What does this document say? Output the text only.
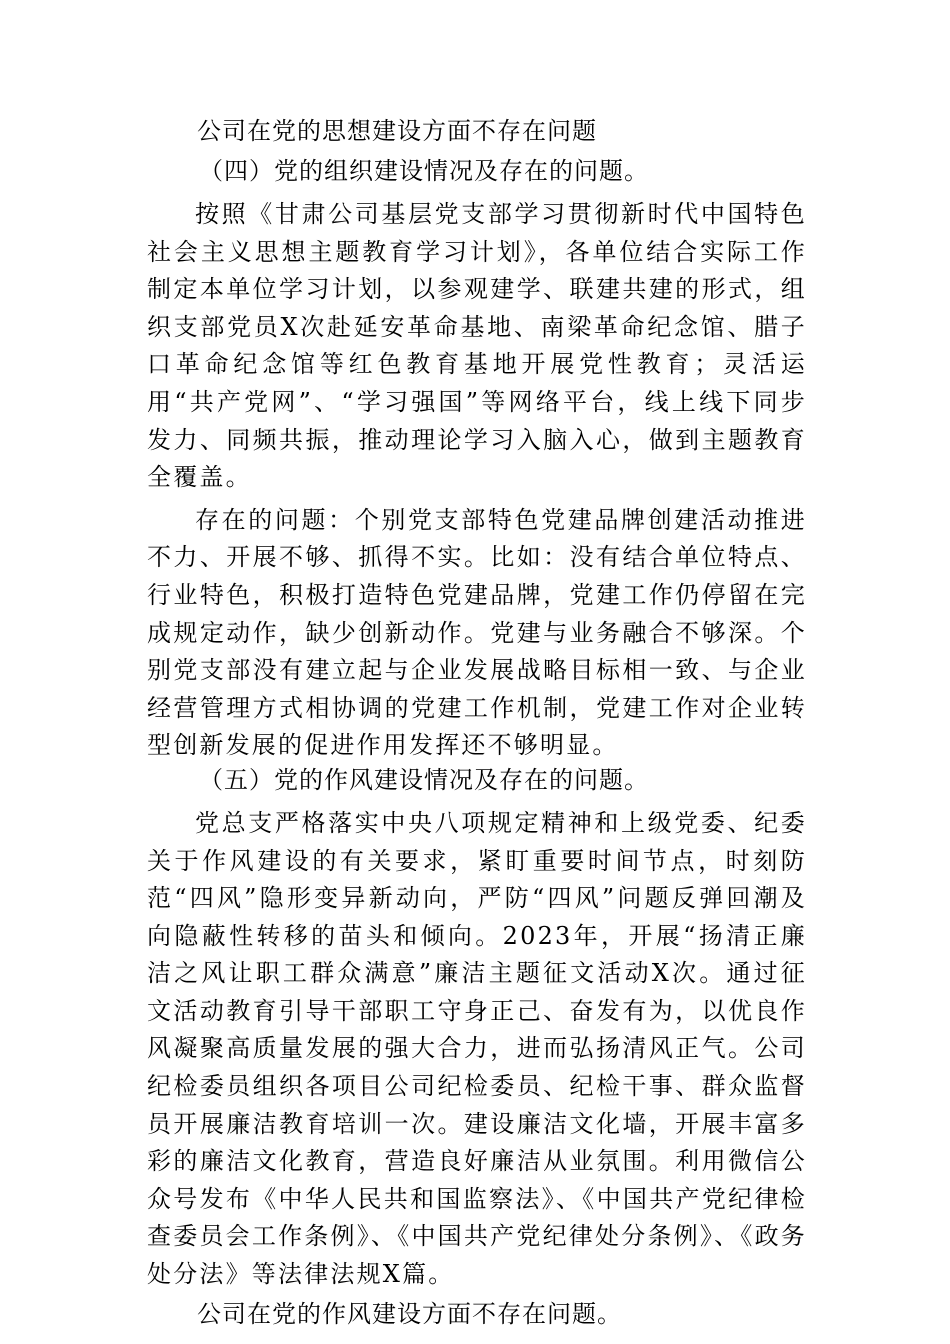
公司在党的思想建设方面不存在问题

（四）党的组织建设情况及存在的问题。

按照《甘肃公司基层党支部学习贯彻新时代中国特色社会主义思想主题教育学习计划》，各单位结合实际工作制定本单位学习计划，以参观建学、联建共建的形式，组织支部党员X次赴延安革命基地、南梁革命纪念馆、腊子口革命纪念馆等红色教育基地开展党性教育；灵活运用“共产党网”、“学习强国”等网络平台，线上线下同步发力、同频共振，推动理论学习入脑入心，做到主题教育全覆盖。

存在的问题：个别党支部特色党建品牌创建活动推进不力、开展不够、抓得不实。比如：没有结合单位特点、行业特色，积极打造特色党建品牌，党建工作仍停留在完成规定动作，缺少创新动作。党建与业务融合不够深。个别党支部没有建立起与企业发展战略目标相一致、与企业经营管理方式相协调的党建工作机制，党建工作对企业转型创新发展的促进作用发挥还不够明显。

（五）党的作风建设情况及存在的问题。

党总支严格落实中央八项规定精神和上级党委、纪委关于作风建设的有关要求，紧盯重要时间节点，时刻防范“四风”隐形变异新动向，严防“四风”问题反弹回潮及向隐蔽性转移的苗头和倾向。2023年，开展“扬清正廉洁之风让职工群众满意”廉洁主题征文活动X次。通过征文活动教育引导干部职工守身正己、奋发有为，以优良作风凝聚高质量发展的强大合力，进而弘扬清风正气。公司纪检委员组织各项目公司纪检委员、纪检干事、群众监督员开展廉洁教育培训一次。建设廉洁文化墙，开展丰富多彩的廉洁文化教育，营造良好廉洁从业氛围。利用微信公众号发布《中华人民共和国监察法》、《中国共产党纪律检查委员会工作条例》、《中国共产党纪律处分条例》、《政务处分法》等法律法规X篇。

公司在党的作风建设方面不存在问题。
